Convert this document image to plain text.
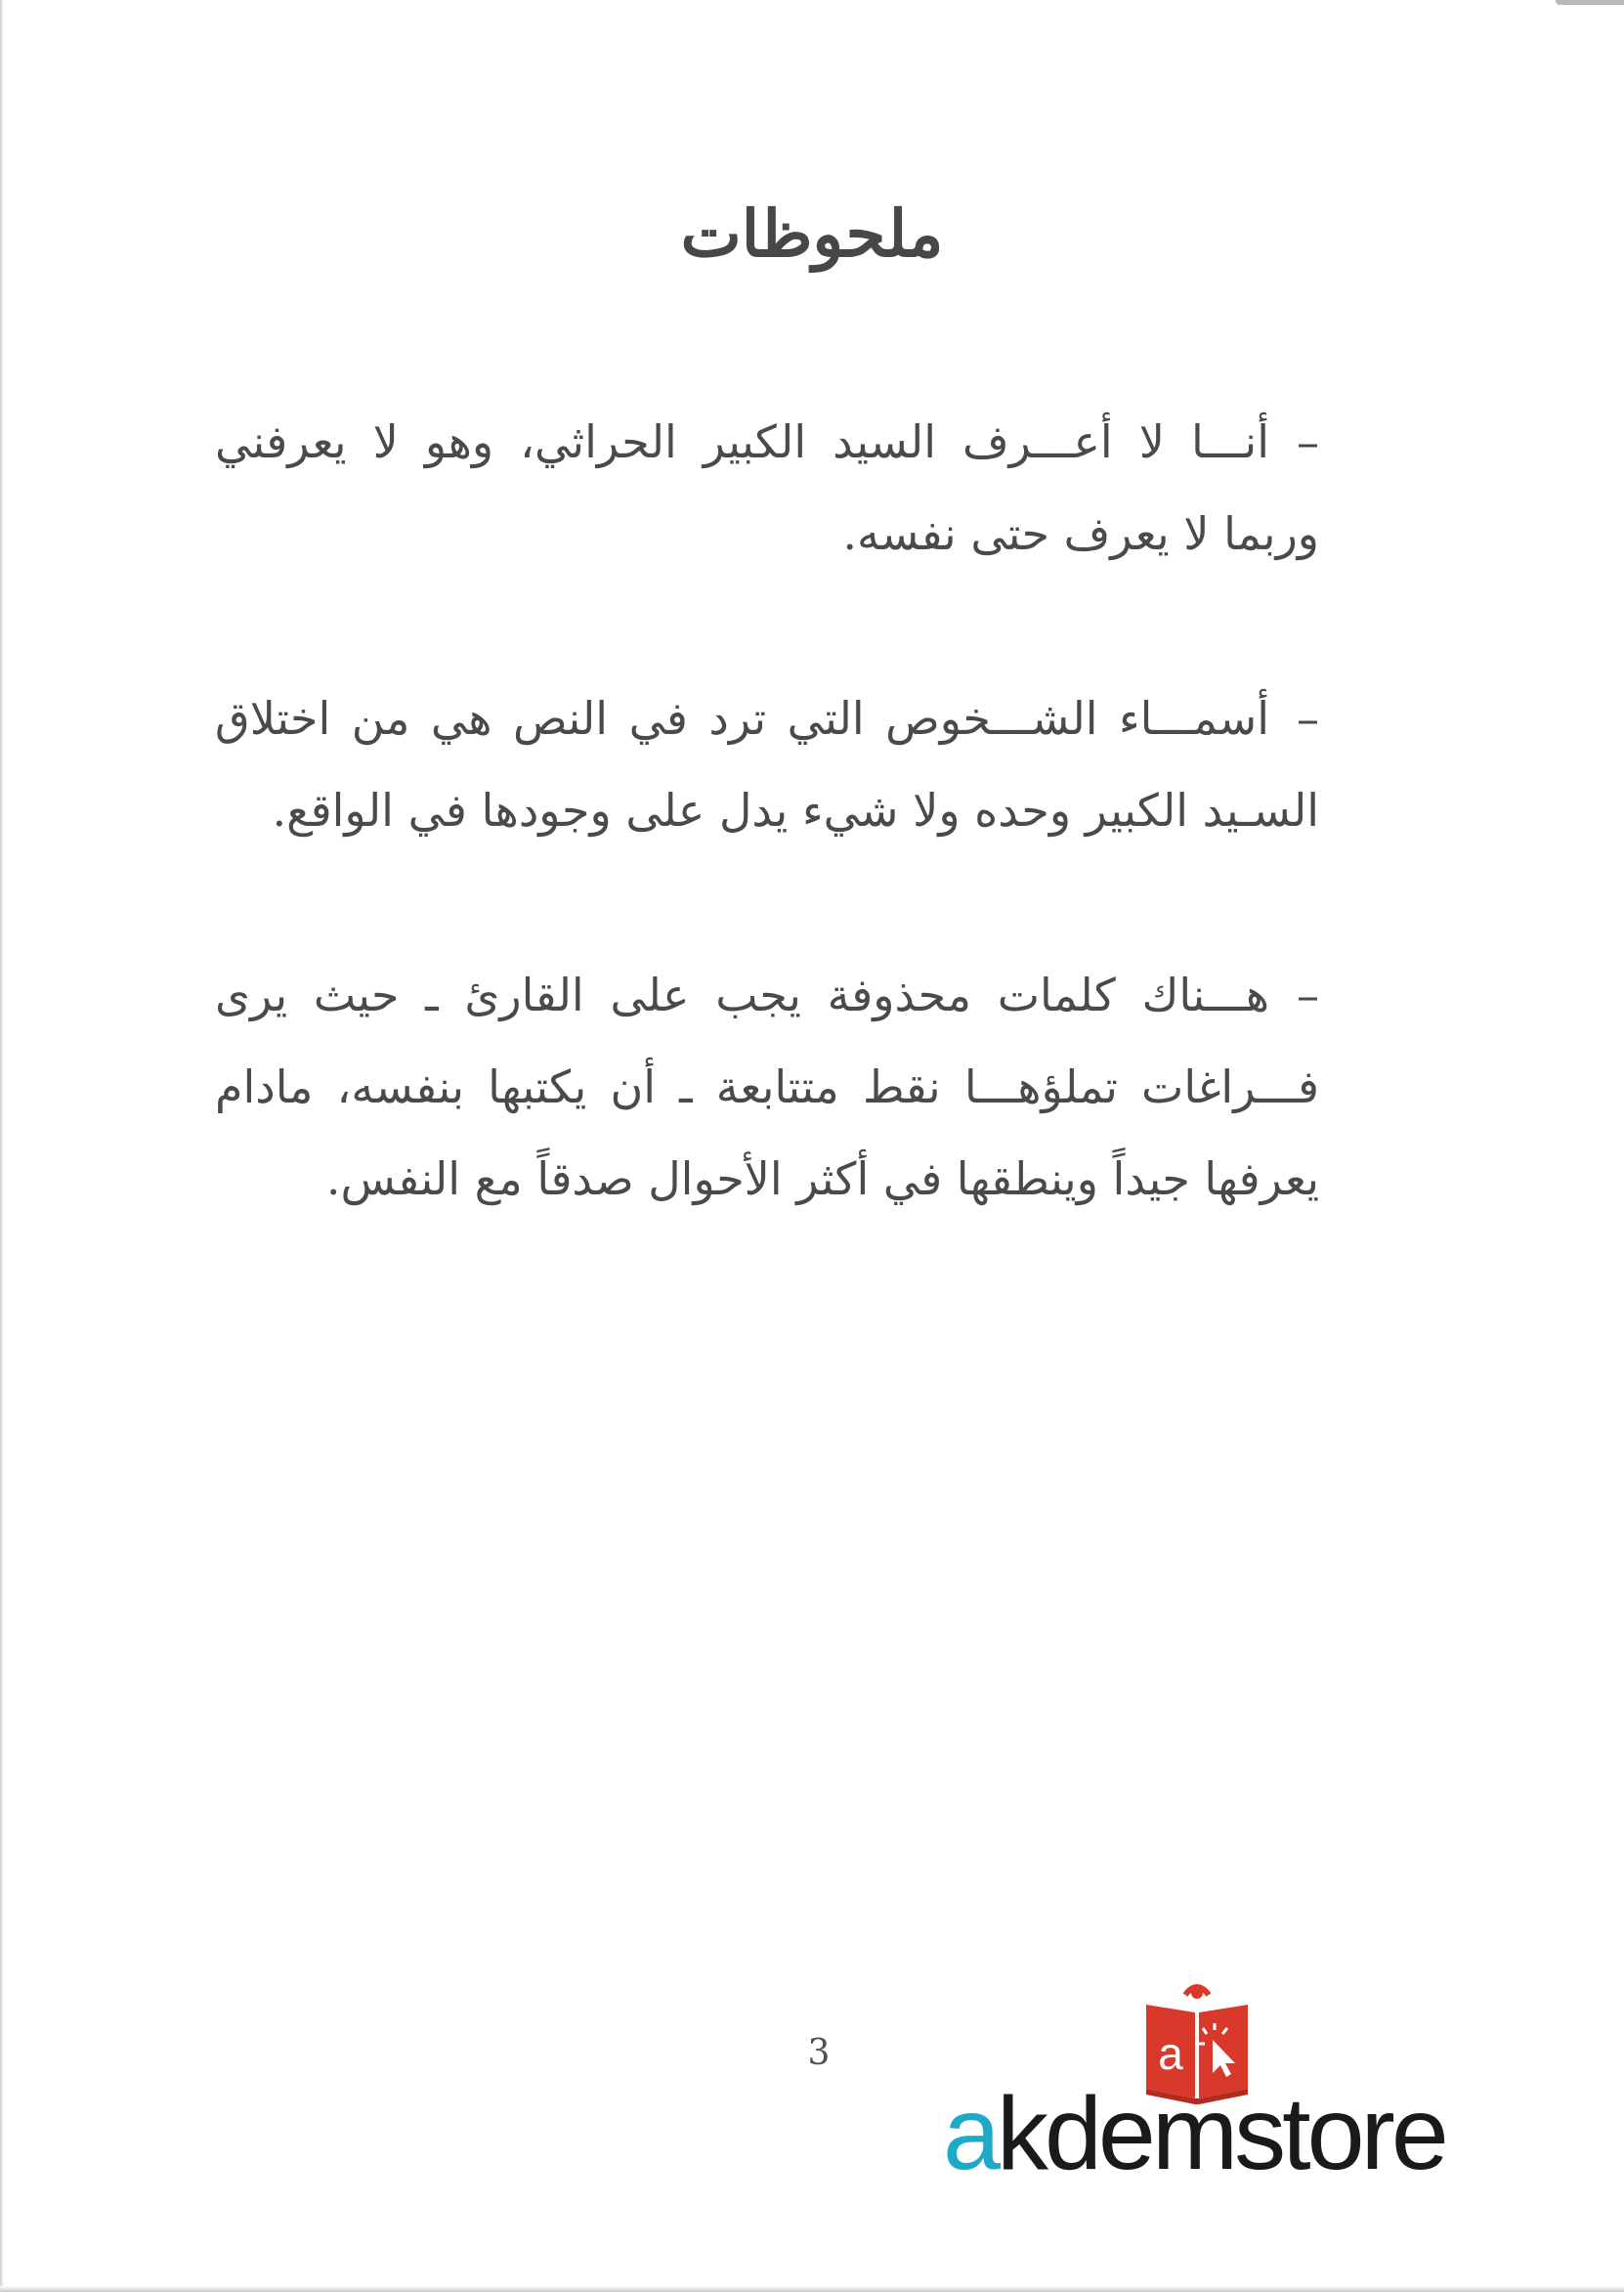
ملحوظات

–أنـــا لا أعـــرف السيد الكبير الحراثي، وهو لا يعرفني وربما لا يعرف حتى نفسه.

–أسمـــاء الشـــخوص التي ترد في النص هي من اختلاق السـيد الكبير وحده ولا شيء يدل على وجودها في الواقع.

–هـــناك كلمات محذوفة يجب على القارئ ـ حيث يرى فـــراغات تملؤهـــا نقط متتابعة ـ أن يكتبها بنفسه، مادام يعرفها جيداً وينطقها في أكثر الأحوال صدقاً مع النفس.

3	a
akdemstore
